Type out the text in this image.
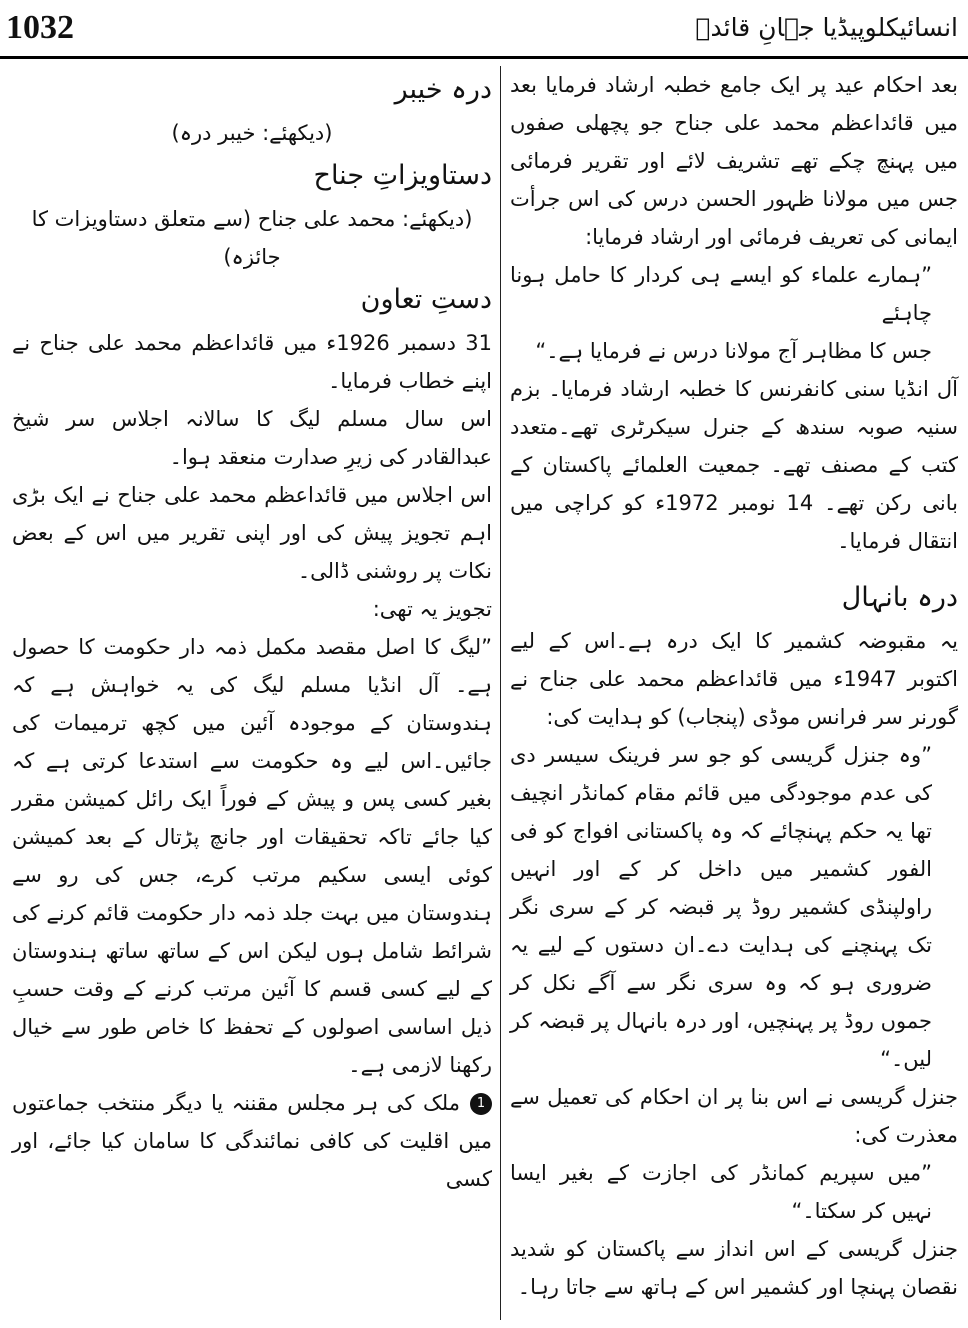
1032	انسائیکلوپیڈیا جہانِ قائدؒ

بعد احکام عید پر ایک جامع خطبہ ارشاد فرمایا بعد میں قائداعظم محمد علی جناح جو پچھلی صفوں میں پہنچ چکے تھے تشریف لائے اور تقریر فرمائی جس میں مولانا ظہور الحسن درس کی اس جرأت ایمانی کی تعریف فرمائی اور ارشاد فرمایا:

”ہمارے علماء کو ایسے ہی کردار کا حامل ہونا چاہئے

جس کا مظاہر آج مولانا درس نے فرمایا ہے۔“

آل انڈیا سنی کانفرنس کا خطبہ ارشاد فرمایا۔ بزم سنیہ صوبہ سندھ کے جنرل سیکرٹری تھے۔متعدد کتب کے مصنف تھے۔ جمعیت العلمائے پاکستان کے بانی رکن تھے۔ 14 نومبر 1972ء کو کراچی میں انتقال فرمایا۔

درہ بانہال

یہ مقبوضہ کشمیر کا ایک درہ ہے۔اس کے لیے اکتوبر 1947ء میں قائداعظم محمد علی جناح نے گورنر سر فرانس موڈی (پنجاب) کو ہدایت کی:

”وہ جنزل گریسی کو جو سر فرینک سیسر دی کی عدم موجودگی میں قائم مقام کمانڈر انچیف تھا یہ حکم پہنچائے کہ وہ پاکستانی افواج کو فی الفور کشمیر میں داخل کر کے اور انہیں راولپنڈی کشمیر روڈ پر قبضہ کر کے سری نگر تک پہنچنے کی ہدایت دے۔ان دستوں کے لیے یہ ضروری ہو کہ وہ سری نگر سے آگے نکل کر جموں روڈ پر پہنچیں، اور درہ بانہال پر قبضہ کر لیں۔“

جنزل گریسی نے اس بنا پر ان احکام کی تعمیل سے معذرت کی:

”میں سپریم کمانڈر کی اجازت کے بغیر ایسا نہیں کر سکتا۔“

جنزل گریسی کے اس انداز سے پاکستان کو شدید نقصان پہنچا اور کشمیر اس کے ہاتھ سے جاتا رہا۔

درہ خیبر

(دیکھئے: خیبر درہ)

دستاویزاتِ جناح

(دیکھئے: محمد علی جناح (سے متعلق دستاویزات کا جائزہ)

دستِ تعاون

31 دسمبر 1926ء میں قائداعظم محمد علی جناح نے اپنے خطاب فرمایا۔

اس سال مسلم لیگ کا سالانہ اجلاس سر شیخ عبدالقادر کی زیرِ صدارت منعقد ہوا۔

اس اجلاس میں قائداعظم محمد علی جناح نے ایک بڑی اہم تجویز پیش کی اور اپنی تقریر میں اس کے بعض نکات پر روشنی ڈالی۔

تجویز یہ تھی:

”لیگ کا اصل مقصد مکمل ذمہ دار حکومت کا حصول ہے۔ آل انڈیا مسلم لیگ کی یہ خواہش ہے کہ ہندوستان کے موجودہ آئین میں کچھ ترمیمات کی جائیں۔اس لیے وہ حکومت سے استدعا کرتی ہے کہ بغیر کسی پس و پیش کے فوراً ایک رائل کمیشن مقرر کیا جائے تاکہ تحقیقات اور جانچ پڑتال کے بعد کمیشن کوئی ایسی سکیم مرتب کرے، جس کی رو سے ہندوستان میں بہت جلد ذمہ دار حکومت قائم کرنے کی شرائط شامل ہوں لیکن اس کے ساتھ ساتھ ہندوستان کے لیے کسی قسم کا آئین مرتب کرنے کے وقت حسبِ ذیل اساسی اصولوں کے تحفظ کا خاص طور سے خیال رکھنا لازمی ہے۔

1ملک کی ہر مجلس مقننہ یا دیگر منتخب جماعتوں میں اقلیت کی کافی نمائندگی کا سامان کیا جائے، اور کسی
